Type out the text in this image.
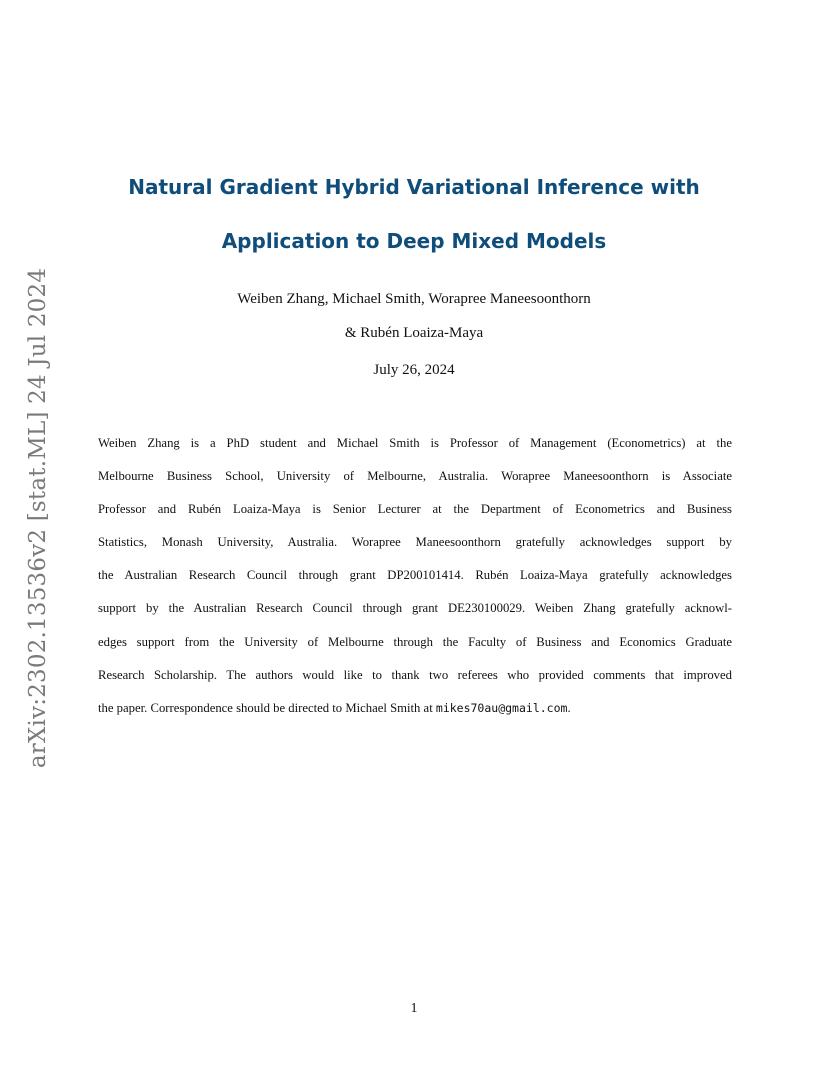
arXiv:2302.13536v2 [stat.ML] 24 Jul 2024
Natural Gradient Hybrid Variational Inference with
Application to Deep Mixed Models
Weiben Zhang, Michael Smith, Worapree Maneesoonthorn
& Rubén Loaiza-Maya
July 26, 2024
Weiben Zhang is a PhD student and Michael Smith is Professor of Management (Econometrics) at the
Melbourne Business School, University of Melbourne, Australia. Worapree Maneesoonthorn is Associate
Professor and Rubén Loaiza-Maya is Senior Lecturer at the Department of Econometrics and Business
Statistics, Monash University, Australia. Worapree Maneesoonthorn gratefully acknowledges support by
the Australian Research Council through grant DP200101414. Rubén Loaiza-Maya gratefully acknowledges
support by the Australian Research Council through grant DE230100029. Weiben Zhang gratefully acknowl-
edges support from the University of Melbourne through the Faculty of Business and Economics Graduate
Research Scholarship. The authors would like to thank two referees who provided comments that improved
the paper. Correspondence should be directed to Michael Smith at mikes70au@gmail.com.
1
